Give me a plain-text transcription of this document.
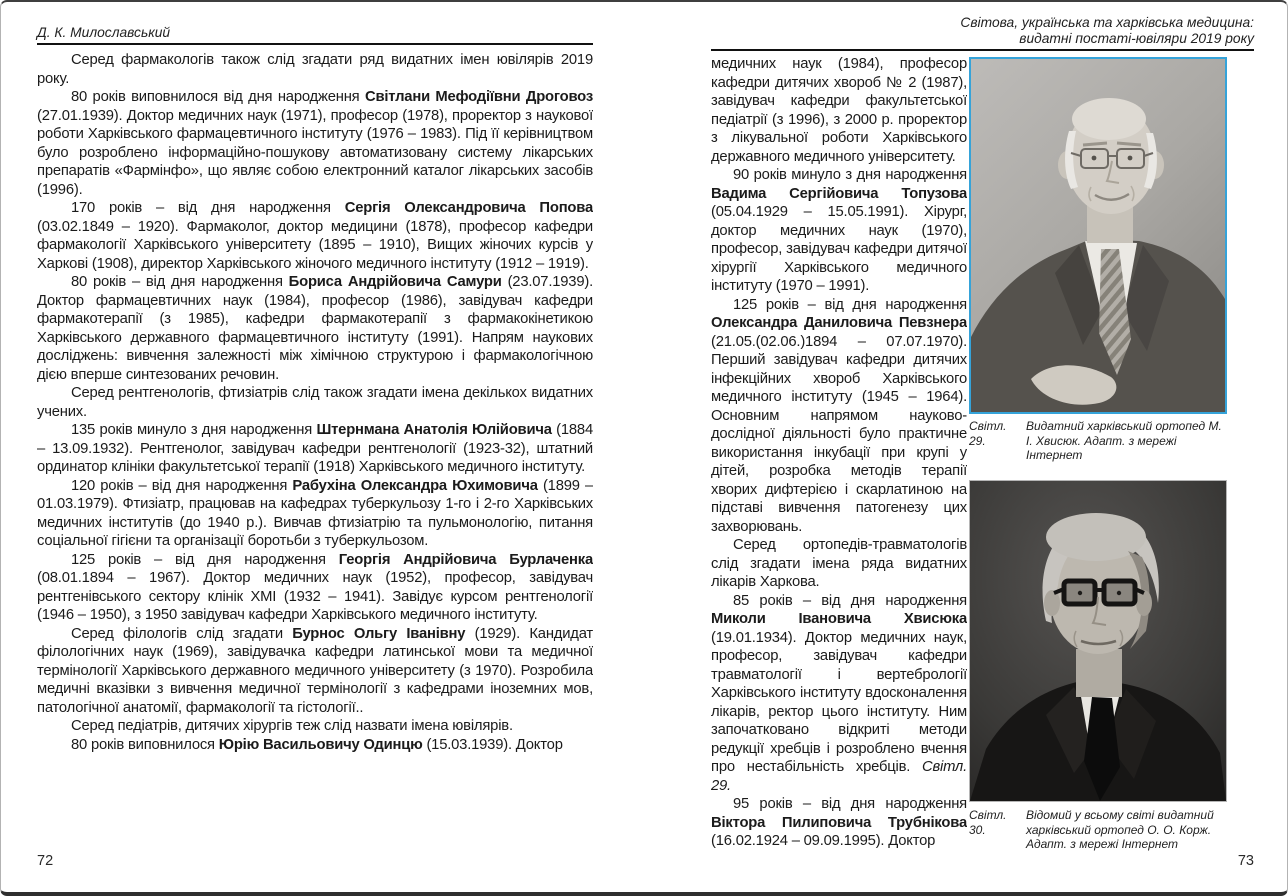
Д. К. Милославський

Серед фармакологів також слід згадати ряд видатних імен ювілярів 2019 року.

80 років виповнилося від дня народження Світлани Мефодіївни Дроговоз (27.01.1939). Доктор медичних наук (1971), професор (1978), проректор з наукової роботи Харківського фармацевтичного інституту (1976 – 1983). Під її керівництвом було розроблено інформаційно-пошукову автоматизовану систему лікарських препаратів «Фармінфо», що являє собою електронний каталог лікарських засобів (1996).

170 років – від дня народження Сергія Олександровича Попова (03.02.1849 – 1920). Фармаколог, доктор медицини (1878), професор кафедри фармакології Харківського університету (1895 – 1910), Вищих жіночих курсів у Харкові (1908), директор Харківського жіночого медичного інституту (1912 – 1919).

80 років – від дня народження Бориса Андрійовича Самури (23.07.1939). Доктор фармацевтичних наук (1984), професор (1986), завідувач кафедри фармакотерапії (з 1985), кафедри фармакотерапії з фармакокінетикою Харківського державного фармацевтичного інституту (1991). Напрям наукових досліджень: вивчення залежності між хімічною структурою і фармакологічною дією вперше синтезованих речовин.

Серед рентгенологів, фтизіатрів слід також згадати імена декількох видатних учених.

135 років минуло з дня народження Штернмана Анатолія Юлійовича (1884 – 13.09.1932). Рентгенолог, завідувач кафедри рентгенології (1923-32), штатний ординатор клініки факультетської терапії (1918) Харківського медичного інституту.

120 років – від дня народження Рабухіна Олександра Юхимовича (1899 – 01.03.1979). Фтизіатр, працював на кафедрах туберкульозу 1-го і 2-го Харківських медичних інститутів (до 1940 р.). Вивчав фтизіатрію та пульмонологію, питання соціальної гігієни та організації боротьби з туберкульозом.

125 років – від дня народження Георгія Андрійовича Бурлаченка (08.01.1894 – 1967). Доктор медичних наук (1952), професор, завідувач рентгенівського сектору клінік ХМІ (1932 – 1941). Завідує курсом рентгенології (1946 – 1950), з 1950 завідувач кафедри Харківського медичного інституту.

Серед філологів слід згадати Бурнос Ольгу Іванівну (1929). Кандидат філологічних наук (1969), завідувачка кафедри латинської мови та медичної термінології Харківського державного медичного університету (з 1970). Розробила медичні вказівки з вивчення медичної термінології з кафедрами іноземних мов, патологічної анатомії, фармакології та гістології..

Серед педіатрів, дитячих хірургів теж слід назвати імена ювілярів.

80 років виповнилося Юрію Васильовичу Одинцю (15.03.1939). Доктор

72
Світова, українська та харківська медицина:
видатні постаті-ювіляри 2019 року

медичних наук (1984), професор кафедри дитячих хвороб № 2 (1987), завідувач кафедри факультетської педіатрії (з 1996), з 2000 р. проректор з лікувальної роботи Харківського державного медичного університету.

90 років минуло з дня народження Вадима Сергійовича Топузова (05.04.1929 – 15.05.1991). Хірург, доктор медичних наук (1970), професор, завідувач кафедри дитячої хірургії Харківського медичного інституту (1970 – 1991).

125 років – від дня народження Олександра Даниловича Певзнера (21.05.(02.06.)1894 – 07.07.1970). Перший завідувач кафедри дитячих інфекційних хвороб Харківського медичного інституту (1945 – 1964). Основним напрямом науково-дослідної діяльності було практичне використання інкубації при крупі у дітей, розробка методів терапії хворих дифтерією і скарлатиною на підставі вивчення патогенезу цих захворювань.

Серед ортопедів-травматологів слід згадати імена ряда видатних лікарів Харкова.

85 років – від дня народження Миколи Івановича Хвисюка (19.01.1934). Доктор медичних наук, професор, завідувач кафедри травматології і вертебрології Харківського інституту вдосконалення лікарів, ректор цього інституту. Ним започатковано відкриті методи редукції хребців і розроблено вчення про нестабільність хребців. Світл. 29.

95 років – від дня народження Віктора Пилиповича Трубнікова (16.02.1924 – 09.09.1995). Доктор

Світл. 29.
Видатний харківський ортопед М. І. Хвисюк. Адапт. з мережі Інтернет
Світл. 30.
Відомий у всьому світі видатний харківський ортопед О. О. Корж. Адапт. з мережі Інтернет
73
